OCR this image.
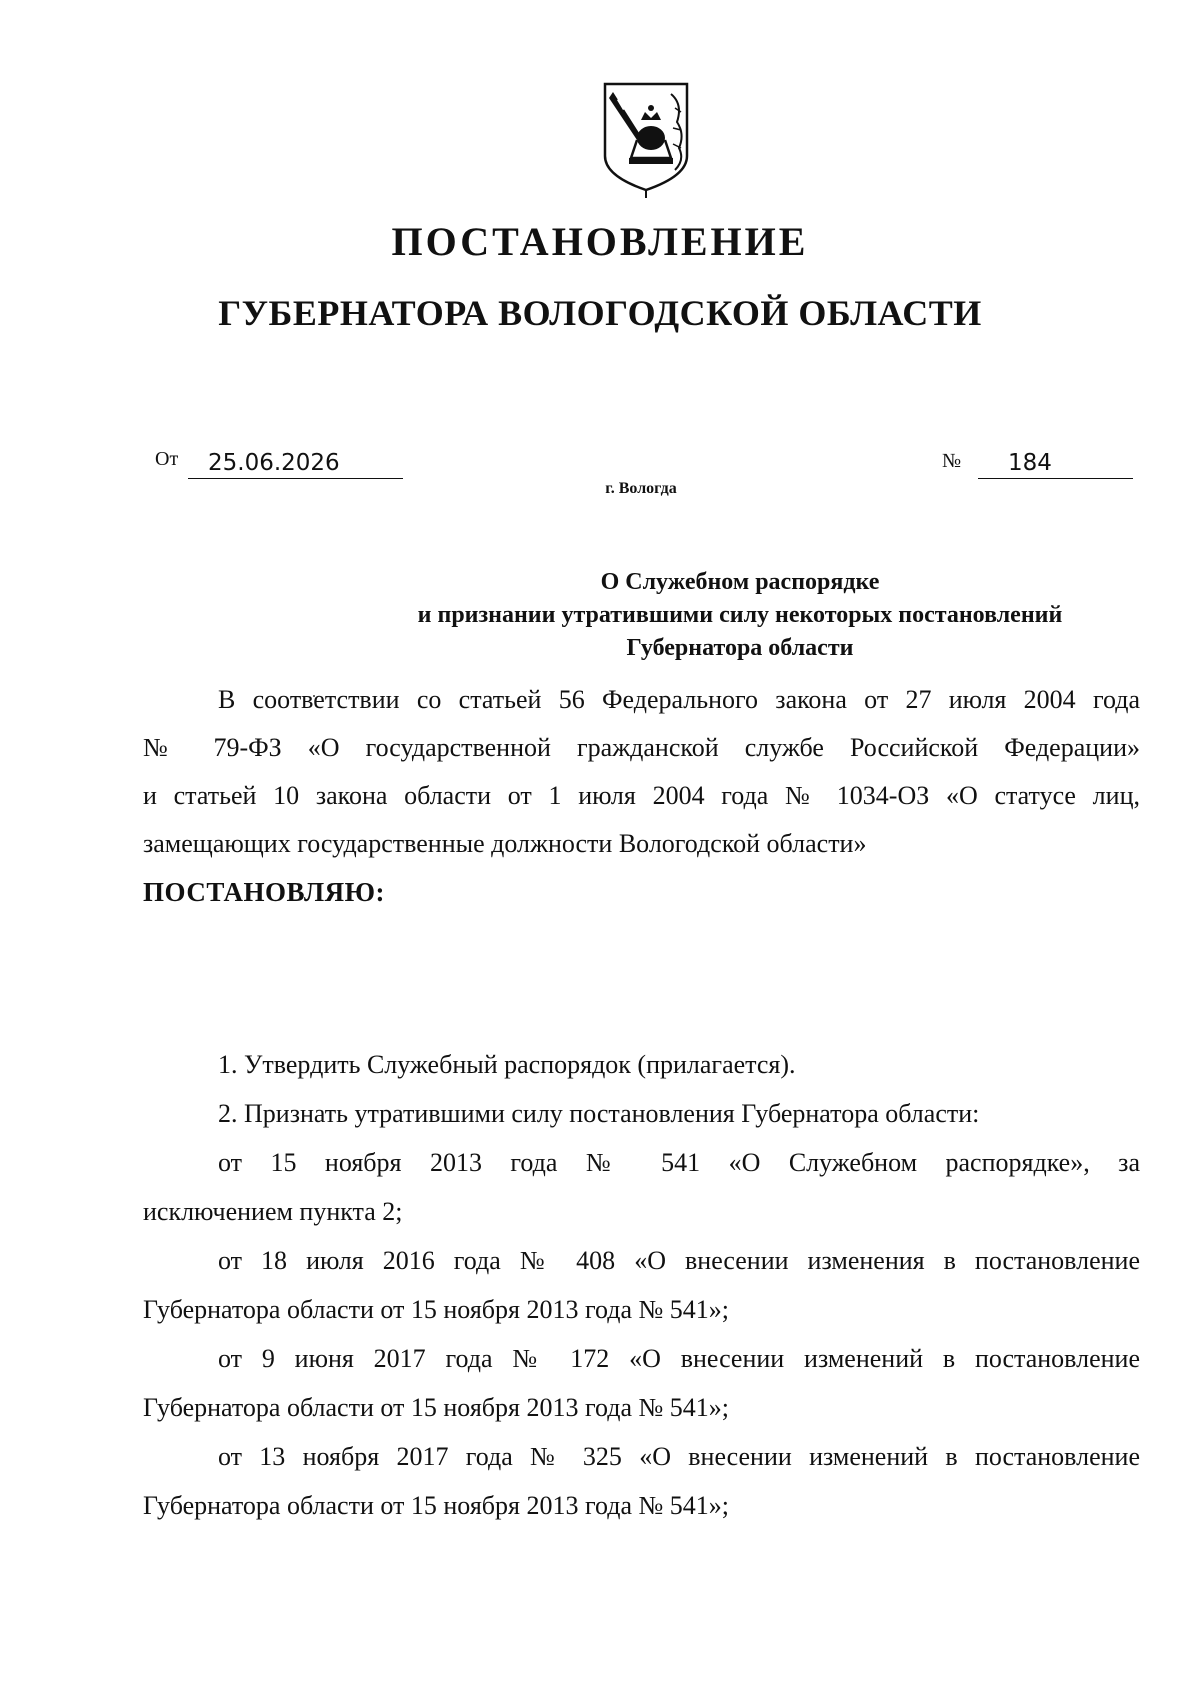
ПОСТАНОВЛЕНИЕ
ГУБЕРНАТОРА ВОЛОГОДСКОЙ ОБЛАСТИ
От 25.06.2026	№ 184
г. Вологда
О Служебном распорядке
и признании утратившими силу некоторых постановлений
Губернатора области

В соответствии со статьей 56 Федерального закона от 27 июля 2004 года

№ 79-ФЗ «О государственной гражданской службе Российской Федерации»

и статьей 10 закона области от 1 июля 2004 года № 1034-ОЗ «О статусе лиц,

замещающих государственные должности Вологодской области»

ПОСТАНОВЛЯЮ:

1. Утвердить Служебный распорядок (прилагается).

2. Признать утратившими силу постановления Губернатора области:

от 15 ноября 2013 года № 541 «О Служебном распорядке», за

исключением пункта 2;

от 18 июля 2016 года № 408 «О внесении изменения в постановление

Губернатора области от 15 ноября 2013 года № 541»;

от 9 июня 2017 года № 172 «О внесении изменений в постановление

Губернатора области от 15 ноября 2013 года № 541»;

от 13 ноября 2017 года № 325 «О внесении изменений в постановление

Губернатора области от 15 ноября 2013 года № 541»;
